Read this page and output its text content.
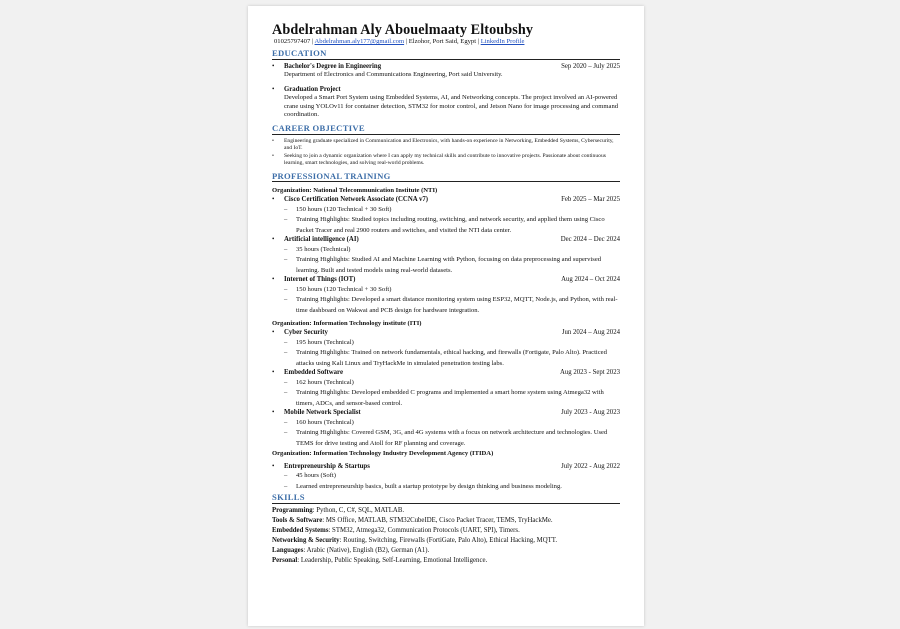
Abdelrahman Aly Abouelmaaty Eltoubshy
01025797407 | Abdelrahman.aly177@gmail.com | Elzohor, Port Said, Egypt | LinkedIn Profile
EDUCATION
• Bachelor's Degree in Engineering	Sep 2020 – July 2025
Department of Electronics and Communications Engineering, Port said University.
• Graduation Project
Developed a Smart Port System using Embedded Systems, AI, and Networking concepts. The project involved an AI-powered crane using YOLOv11 for container detection, STM32 for motor control, and Jetson Nano for image processing and command coordination.
CAREER OBJECTIVE
• Engineering graduate specialized in Communication and Electronics, with hands-on experience in Networking, Embedded Systems, Cybersecurity, and IoT.
• Seeking to join a dynamic organization where I can apply my technical skills and contribute to innovative projects. Passionate about continuous learning, smart technologies, and solving real-world problems.
PROFESSIONAL TRAINING
Organization: National Telecommunication Institute (NTI)
• Cisco Certification Network Associate (CCNA v7)	Feb 2025 – Mar 2025
– 150 hours (120 Technical + 30 Soft)
– Training Highlights: Studied topics including routing, switching, and network security, and applied them using Cisco Packet Tracer and real 2900 routers and switches, and visited the NTI data center.
• Artificial intelligence (AI)	Dec 2024 – Dec 2024
– 35 hours (Technical)
– Training Highlights: Studied AI and Machine Learning with Python, focusing on data preprocessing and supervised learning. Built and tested models using real-world datasets.
• Internet of Things (IOT)	Aug 2024 – Oct 2024
– 150 hours (120 Technical + 30 Soft)
– Training Highlights: Developed a smart distance monitoring system using ESP32, MQTT, Node.js, and Python, with real-time dashboard on Wakwai and PCB design for hardware integration.
Organization: Information Technology institute (ITI)
• Cyber Security	Jun 2024 – Aug 2024
– 195 hours (Technical)
– Training Highlights: Trained on network fundamentals, ethical hacking, and firewalls (Fortigate, Palo Alto). Practiced attacks using Kali Linux and TryHackMe in simulated penetration testing labs.
• Embedded Software	Aug 2023 - Sept 2023
– 162 hours (Technical)
– Training Highlights: Developed embedded C programs and implemented a smart home system using Atmega32 with timers, ADCs, and sensor-based control.
• Mobile Network Specialist	July 2023 - Aug 2023
– 160 hours (Technical)
– Training Highlights: Covered GSM, 3G, and 4G systems with a focus on network architecture and technologies. Used TEMS for drive testing and Atoll for RF planning and coverage.
Organization: Information Technology Industry Development Agency (ITIDA)
• Entrepreneurship & Startups	July 2022 - Aug 2022
– 45 hours (Soft)
– Learned entrepreneurship basics, built a startup prototype by design thinking and business modeling.
SKILLS
Programming: Python, C, C#, SQL, MATLAB.
Tools & Software: MS Office, MATLAB, STM32CubeIDE, Cisco Packet Tracer, TEMS, TryHackMe.
Embedded Systems: STM32, Atmega32, Communication Protocols (UART, SPI), Timers.
Networking & Security: Routing, Switching, Firewalls (FortiGate, Palo Alto), Ethical Hacking, MQTT.
Languages: Arabic (Native), English (B2), German (A1).
Personal: Leadership, Public Speaking, Self-Learning, Emotional Intelligence.
